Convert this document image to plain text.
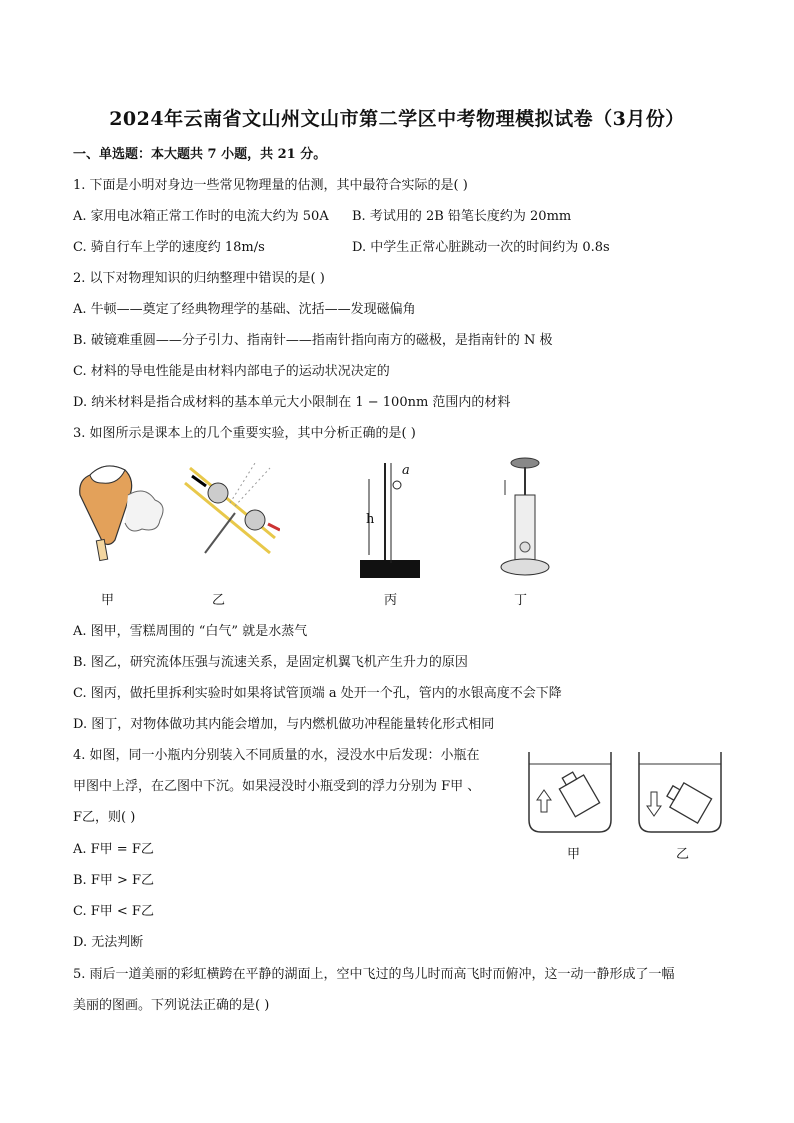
2024年云南省文山州文山市第二学区中考物理模拟试卷（3月份）
一、单选题：本大题共 7 小题，共 21 分。
1. 下面是小明对身边一些常见物理量的估测，其中最符合实际的是( )
A. 家用电冰箱正常工作时的电流大约为 50A B. 考试用的 2B 铅笔长度约为 20mm
C. 骑自行车上学的速度约 18m/s	D. 中学生正常心脏跳动一次的时间约为 0.8s
2. 以下对物理知识的归纳整理中错误的是( )
A. 牛顿——奠定了经典物理学的基础、沈括——发现磁偏角
B. 破镜难重圆——分子引力、指南针——指南针指向南方的磁极，是指南针的 N 极
C. 材料的导电性能是由材料内部电子的运动状况决定的
D. 纳米材料是指合成材料的基本单元大小限制在 1 − 100nm 范围内的材料
3. 如图所示是课本上的几个重要实验，其中分析正确的是( )
a
h
甲	乙	丙	丁
A. 图甲，雪糕周围的 “白气” 就是水蒸气
B. 图乙，研究流体压强与流速关系，是固定机翼飞机产生升力的原因
C. 图丙，做托里拆利实验时如果将试管顶端 a 处开一个孔，管内的水银高度不会下降
D. 图丁，对物体做功其内能会增加，与内燃机做功冲程能量转化形式相同
4. 如图，同一小瓶内分别装入不同质量的水，浸没水中后发现：小瓶在
甲图中上浮，在乙图中下沉。如果浸没时小瓶受到的浮力分别为 F甲 、
F乙，则( )
A. F甲 = F乙
B. F甲 > F乙
C. F甲 < F乙
D. 无法判断
甲	乙
5. 雨后一道美丽的彩虹横跨在平静的湖面上，空中飞过的鸟儿时而高飞时而俯冲，这一动一静形成了一幅
美丽的图画。下列说法正确的是( )
